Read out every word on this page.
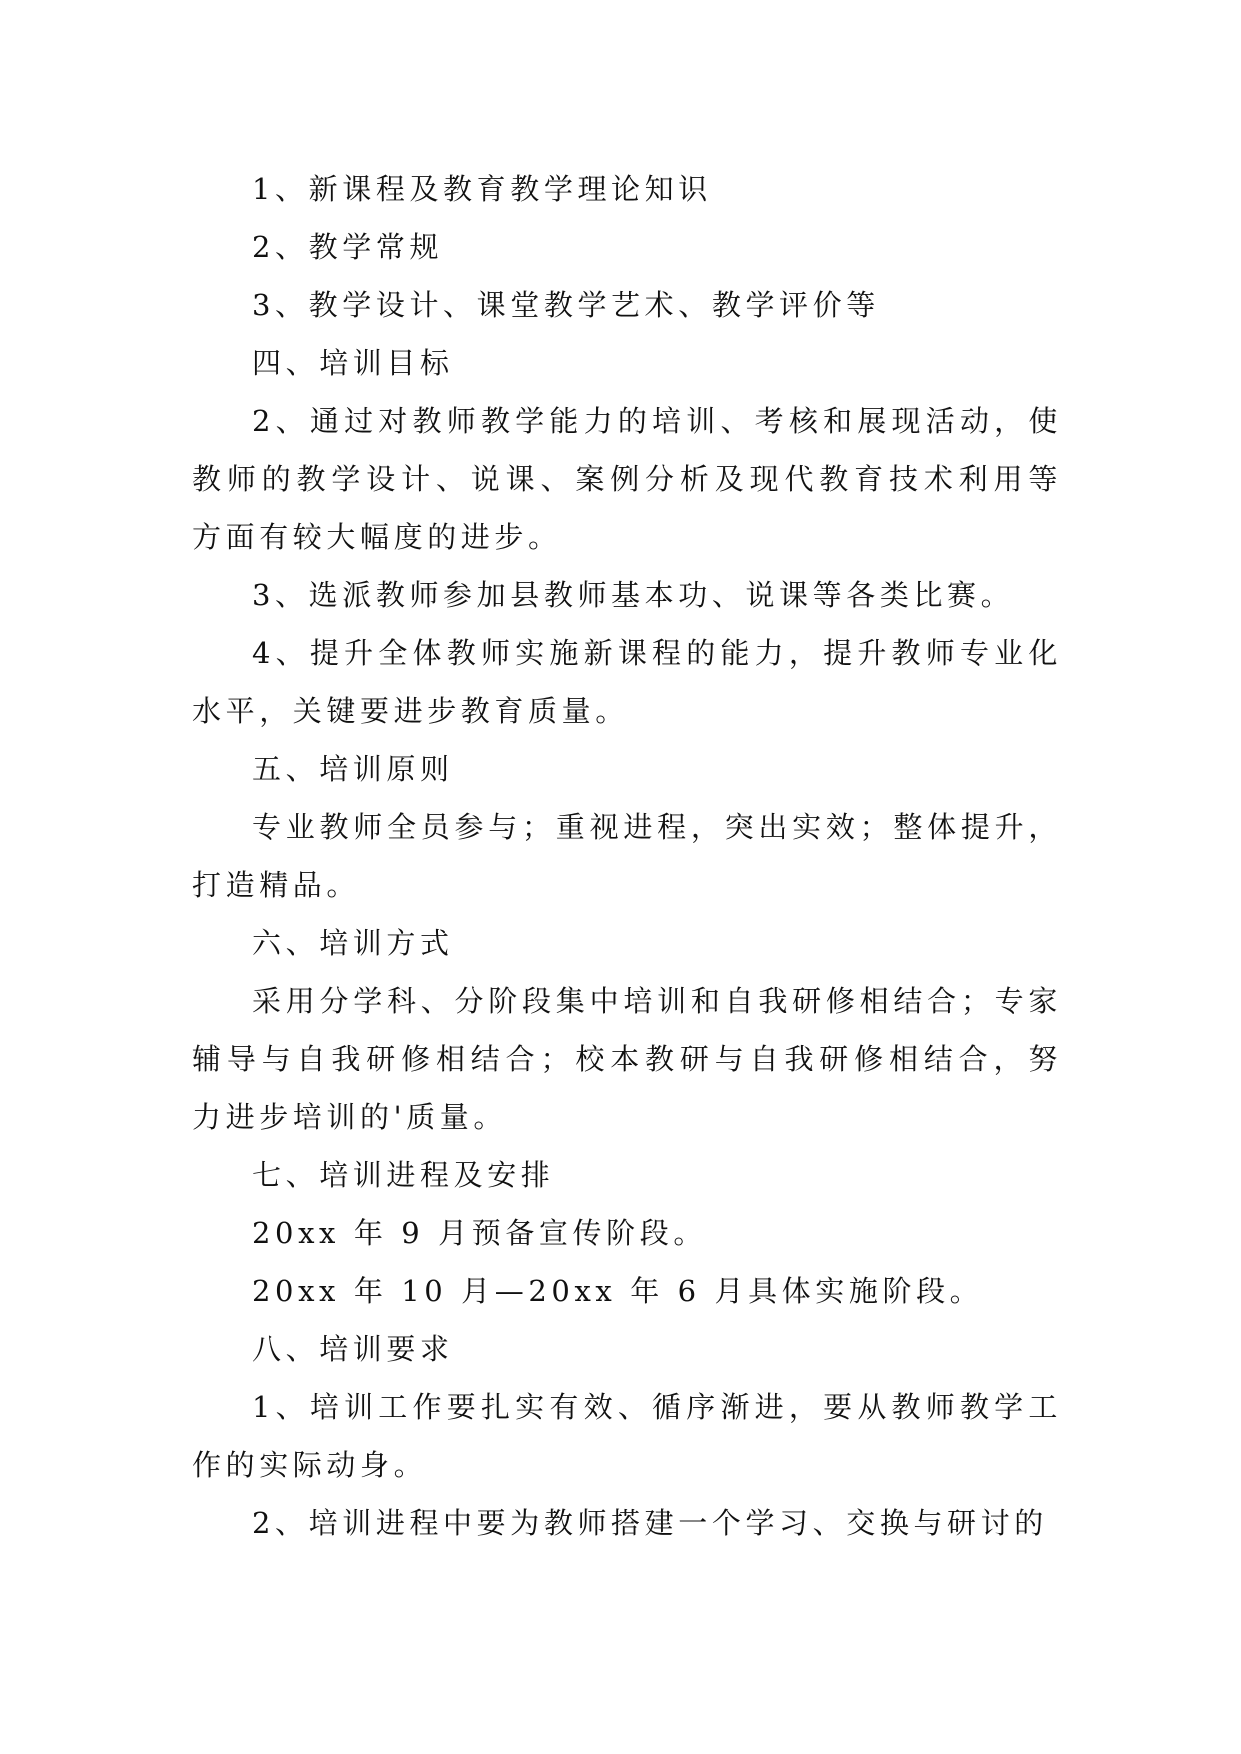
1、新课程及教育教学理论知识

2、教学常规

3、教学设计、课堂教学艺术、教学评价等

四、培训目标

2、通过对教师教学能力的培训、考核和展现活动，使教师的教学设计、说课、案例分析及现代教育技术利用等方面有较大幅度的进步。

3、选派教师参加县教师基本功、说课等各类比赛。

4、提升全体教师实施新课程的能力，提升教师专业化水平，关键要进步教育质量。

五、培训原则

专业教师全员参与；重视进程，突出实效；整体提升，打造精品。

六、培训方式

采用分学科、分阶段集中培训和自我研修相结合；专家辅导与自我研修相结合；校本教研与自我研修相结合，努力进步培训的'质量。

七、培训进程及安排

20xx 年 9 月预备宣传阶段。

20xx 年 10 月—20xx 年 6 月具体实施阶段。

八、培训要求

1、培训工作要扎实有效、循序渐进，要从教师教学工作的实际动身。

2、培训进程中要为教师搭建一个学习、交换与研讨的
